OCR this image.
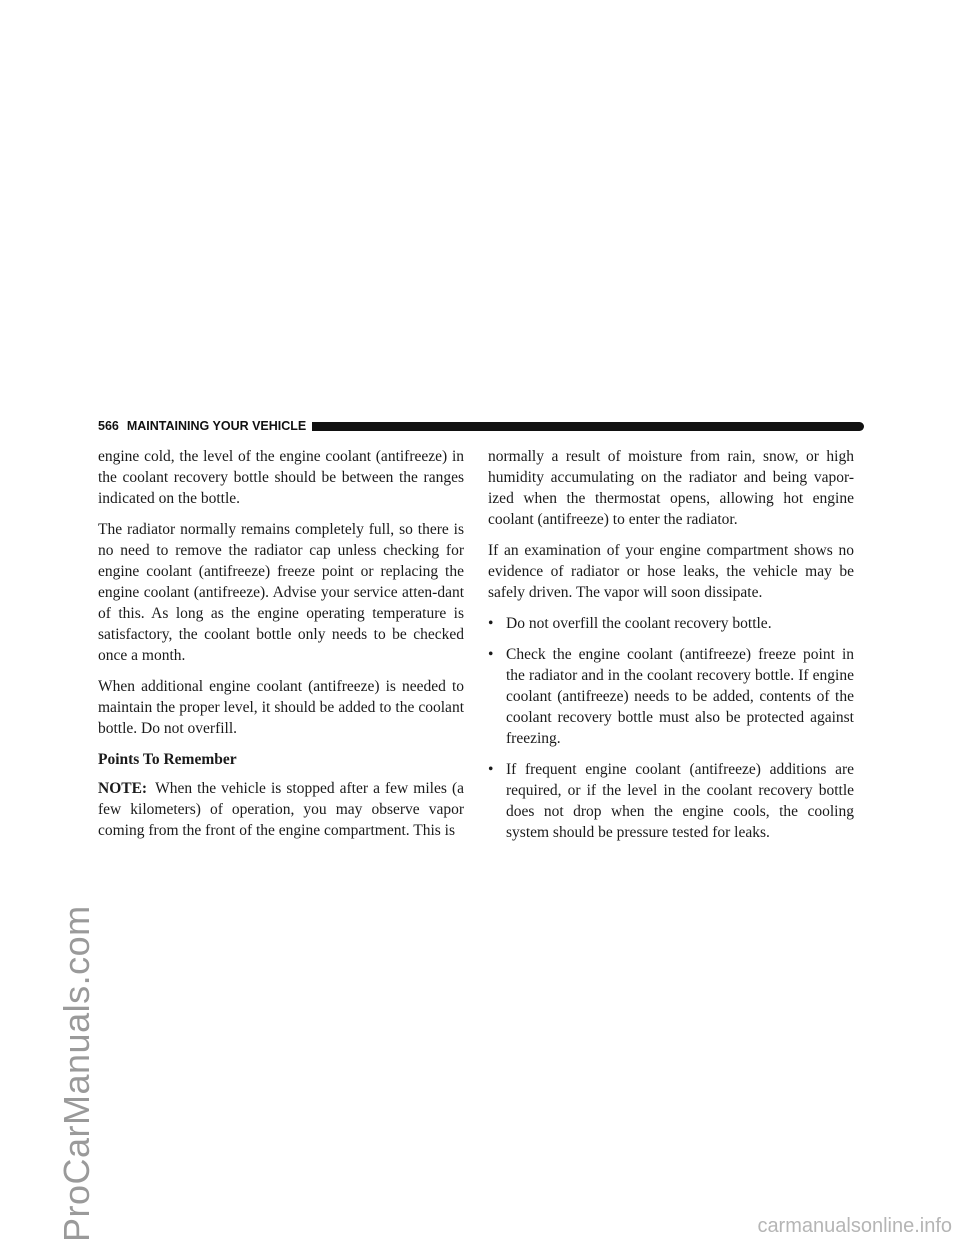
ProCarManuals.com
566 MAINTAINING YOUR VEHICLE

engine cold, the level of the engine coolant (antifreeze) in the coolant recovery bottle should be between the ranges indicated on the bottle.

The radiator normally remains completely full, so there is no need to remove the radiator cap unless checking for engine coolant (antifreeze) freeze point or replacing the engine coolant (antifreeze). Advise your service atten-dant of this. As long as the engine operating temperature is satisfactory, the coolant bottle only needs to be checked once a month.

When additional engine coolant (antifreeze) is needed to maintain the proper level, it should be added to the coolant bottle. Do not overfill.

Points To Remember

NOTE: When the vehicle is stopped after a few miles (a few kilometers) of operation, you may observe vapor coming from the front of the engine compartment. This is

normally a result of moisture from rain, snow, or high humidity accumulating on the radiator and being vapor-ized when the thermostat opens, allowing hot engine coolant (antifreeze) to enter the radiator.

If an examination of your engine compartment shows no evidence of radiator or hose leaks, the vehicle may be safely driven. The vapor will soon dissipate.

• Do not overfill the coolant recovery bottle.
• Check the engine coolant (antifreeze) freeze point in the radiator and in the coolant recovery bottle. If engine coolant (antifreeze) needs to be added, contents of the coolant recovery bottle must also be protected against freezing.
• If frequent engine coolant (antifreeze) additions are required, or if the level in the coolant recovery bottle does not drop when the engine cools, the cooling system should be pressure tested for leaks.
carmanualsonline.info
